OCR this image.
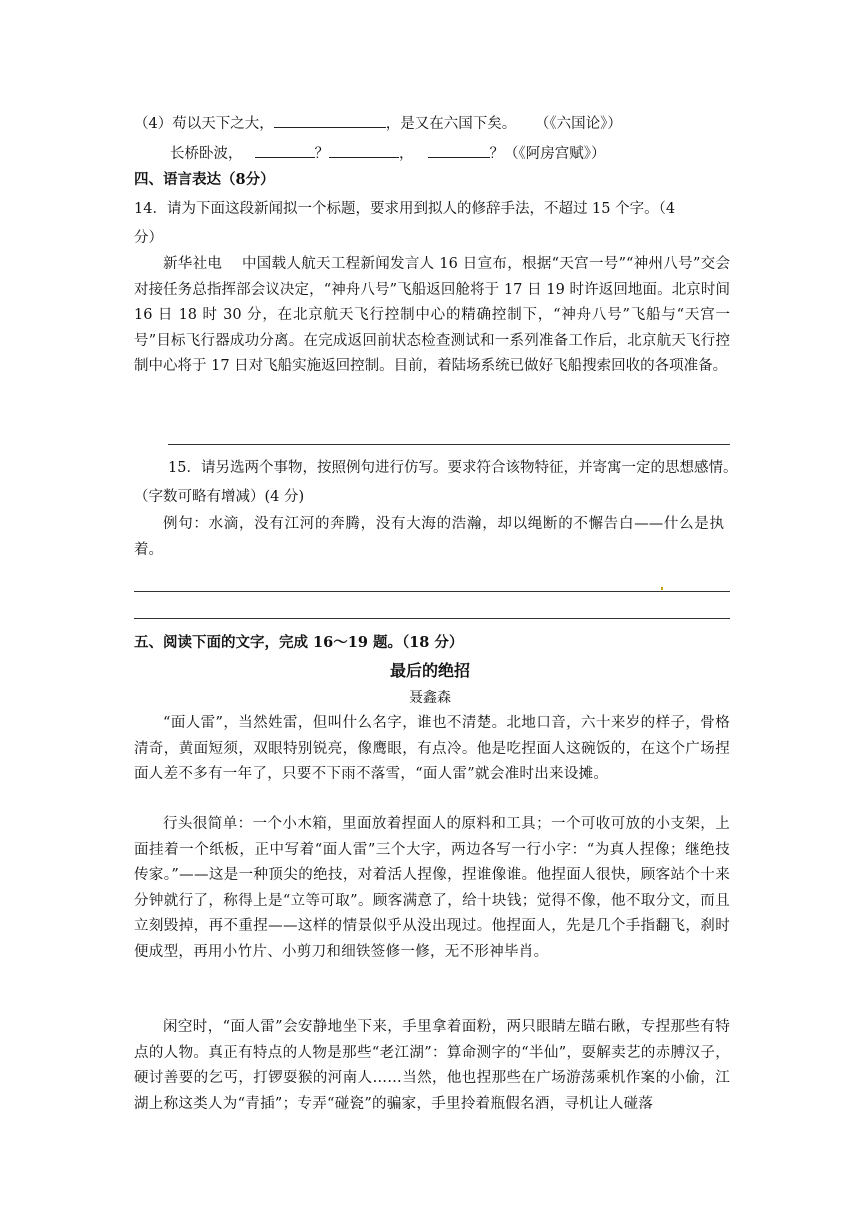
（4）苟以天下之大，	，是又在六国下矣。 （《六国论》）
长桥卧波，	？	，	？（《阿房宫赋》）
四、语言表达（8分）
14．请为下面这段新闻拟一个标题，要求用到拟人的修辞手法，不超过 15 个字。（4
分）
新华社电　 中国载人航天工程新闻发言人 16 日宣布，根据“天宫一号”“神州八号”交会对接任务总指挥部会议决定，“神舟八号”飞船返回舱将于 17 日 19 时许返回地面。北京时间 16 日 18 时 30 分，在北京航天飞行控制中心的精确控制下，“神舟八号”飞船与“天宫一号”目标飞行器成功分离。在完成返回前状态检查测试和一系列准备工作后，北京航天飞行控制中心将于 17 日对飞船实施返回控制。目前，着陆场系统已做好飞船搜索回收的各项准备。
15．请另选两个事物，按照例句进行仿写。要求符合该物特征，并寄寓一定的思想感情。
（字数可略有增减）(4 分)
例句：水滴，没有江河的奔腾，没有大海的浩瀚，却以绳断的不懈告白——什么是执着。
五、阅读下面的文字，完成 16～19 题。（18 分）
最后的绝招
聂鑫森
“面人雷”，当然姓雷，但叫什么名字，谁也不清楚。北地口音，六十来岁的样子，骨格清奇，黄面短须，双眼特别锐亮，像鹰眼，有点冷。他是吃捏面人这碗饭的，在这个广场捏面人差不多有一年了，只要不下雨不落雪，“面人雷”就会准时出来设摊。
行头很简单：一个小木箱，里面放着捏面人的原料和工具；一个可收可放的小支架，上面挂着一个纸板，正中写着“面人雷”三个大字，两边各写一行小字：“为真人捏像；继绝技传家。”——这是一种顶尖的绝技，对着活人捏像，捏谁像谁。他捏面人很快，顾客站个十来分钟就行了，称得上是“立等可取”。顾客满意了，给十块钱；觉得不像，他不取分文，而且立刻毁掉，再不重捏——这样的情景似乎从没出现过。他捏面人，先是几个手指翻飞，刹时便成型，再用小竹片、小剪刀和细铁签修一修，无不形神毕肖。
闲空时，“面人雷”会安静地坐下来，手里拿着面粉，两只眼睛左瞄右瞅，专捏那些有特点的人物。真正有特点的人物是那些“老江湖”：算命测字的“半仙”，耍解卖艺的赤膊汉子，硬讨善要的乞丐，打锣耍猴的河南人……当然，他也捏那些在广场游荡乘机作案的小偷，江湖上称这类人为“青插”；专弄“碰瓷”的骗家，手里拎着瓶假名酒，寻机让人碰落
